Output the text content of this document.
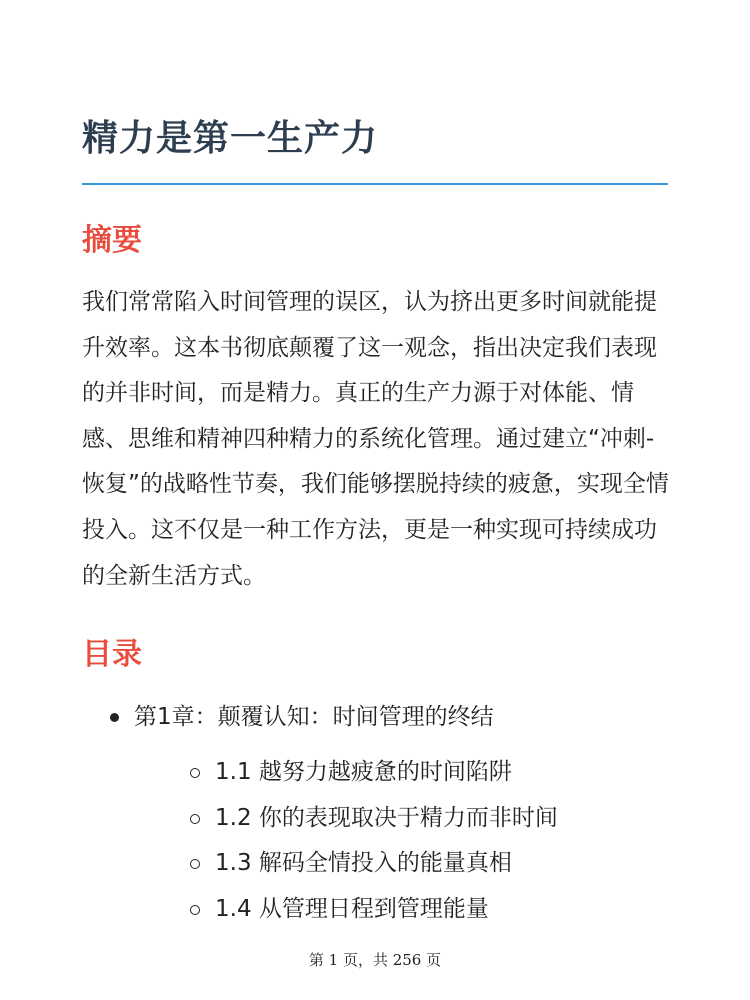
精力是第一生产力
摘要

我们常常陷入时间管理的误区，认为挤出更多时间就能提升效率。这本书彻底颠覆了这一观念，指出决定我们表现的并非时间，而是精力。真正的生产力源于对体能、情感、思维和精神四种精力的系统化管理。通过建立“冲刺-恢复”的战略性节奏，我们能够摆脱持续的疲惫，实现全情投入。这不仅是一种工作方法，更是一种实现可持续成功的全新生活方式。

目录
第1章：颠覆认知：时间管理的终结
1.1 越努力越疲惫的时间陷阱
1.2 你的表现取决于精力而非时间
1.3 解码全情投入的能量真相
1.4 从管理日程到管理能量
第 1 页，共 256 页
